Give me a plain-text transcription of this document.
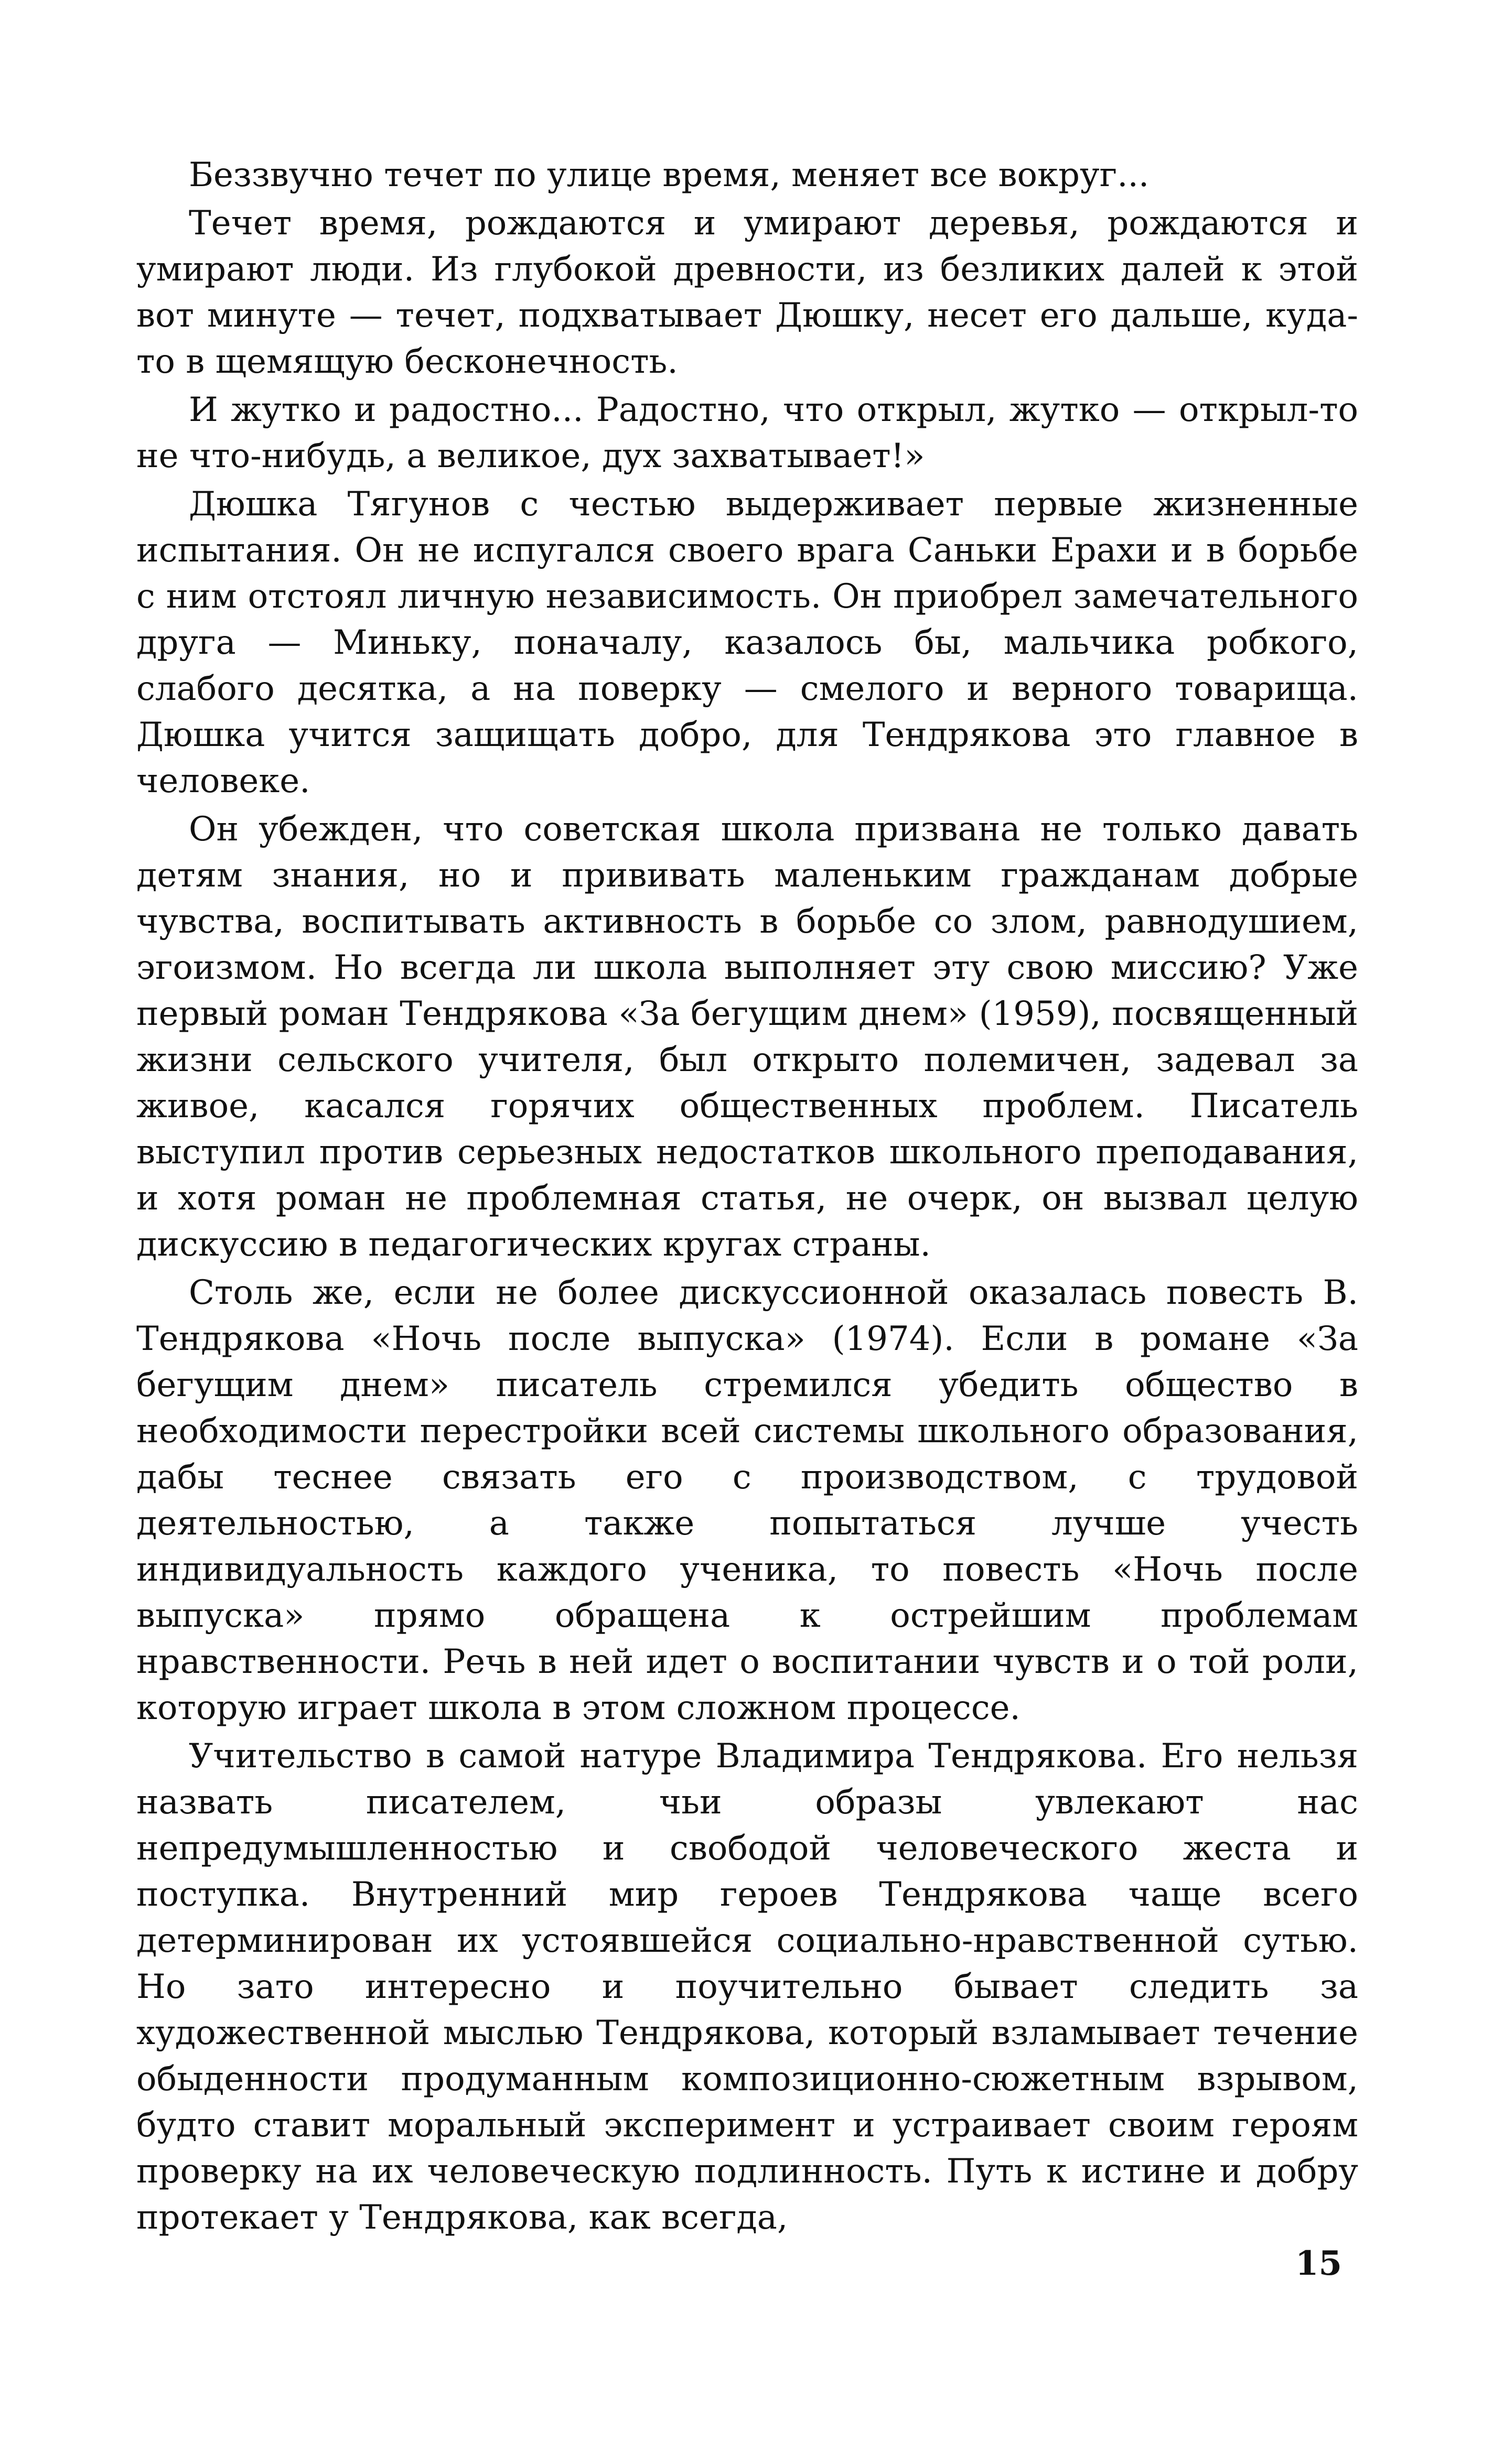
Беззвучно течет по улице время, меняет все вокруг...

Течет время, рождаются и умирают деревья, рождаются и умирают люди. Из глубокой древности, из безликих далей к этой вот минуте — течет, подхватывает Дюшку, несет его дальше, куда-то в щемящую бесконечность.

И жутко и радостно... Радостно, что открыл, жутко — открыл-то не что-нибудь, а великое, дух захватывает!»

Дюшка Тягунов с честью выдерживает первые жизненные испытания. Он не испугался своего врага Саньки Ерахи и в борьбе с ним отстоял личную независимость. Он приобрел замечательного друга — Миньку, поначалу, казалось бы, мальчика робкого, слабого десятка, а на поверку — смелого и верного товарища. Дюшка учится защищать добро, для Тендрякова это главное в человеке.

Он убежден, что советская школа призвана не только давать детям знания, но и прививать маленьким гражданам добрые чувства, воспитывать активность в борьбе со злом, равнодушием, эгоизмом. Но всегда ли школа выполняет эту свою миссию? Уже первый роман Тендрякова «За бегущим днем» (1959), посвященный жизни сельского учителя, был открыто полемичен, задевал за живое, касался горячих общественных проблем. Писатель выступил против серьезных недостатков школьного преподавания, и хотя роман не проблемная статья, не очерк, он вызвал целую дискуссию в педагогических кругах страны.

Столь же, если не более дискуссионной оказалась повесть В. Тендрякова «Ночь после выпуска» (1974). Если в романе «За бегущим днем» писатель стремился убедить общество в необходимости перестройки всей системы школьного образования, дабы теснее связать его с производством, с трудовой деятельностью, а также попытаться лучше учесть индивидуальность каждого ученика, то повесть «Ночь после выпуска» прямо обращена к острейшим проблемам нравственности. Речь в ней идет о воспитании чувств и о той роли, которую играет школа в этом сложном процессе.

Учительство в самой натуре Владимира Тендрякова. Его нельзя назвать писателем, чьи образы увлекают нас непредумышленностью и свободой человеческого жеста и поступка. Внутренний мир героев Тендрякова чаще всего детерминирован их устоявшейся социально-нравственной сутью. Но зато интересно и поучительно бывает следить за художественной мыслью Тендрякова, который взламывает течение обыденности продуманным композиционно-сюжетным взрывом, будто ставит моральный эксперимент и устраивает своим героям проверку на их человеческую подлинность. Путь к истине и добру протекает у Тендрякова, как всегда,

15
